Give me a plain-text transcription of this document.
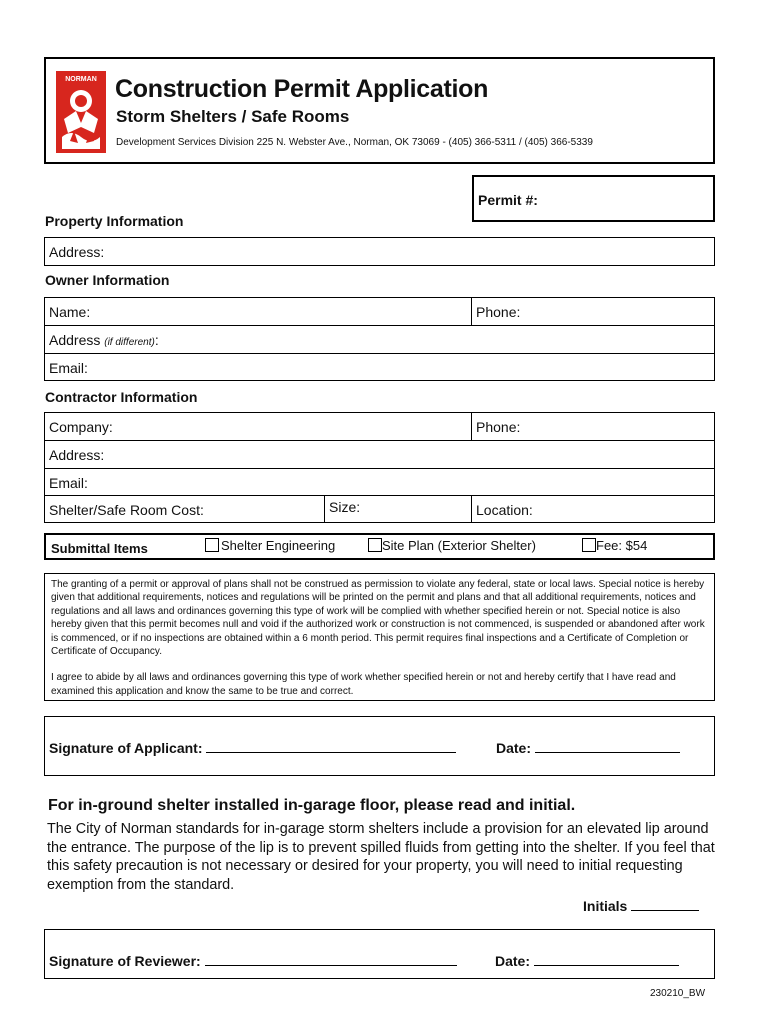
NORMAN Construction Permit Application
Storm Shelters / Safe Rooms
Development Services Division 225 N. Webster Ave., Norman, OK 73069 - (405) 366-5311 / (405) 366-5339
Permit #:
Property Information
Address:
Owner Information
Name:	Phone:
Address (if different):
Email:
Contractor Information
Company:	Phone:
Address:
Email:
Shelter/Safe Room Cost:	Size:	Location:
Submittal Items	Shelter Engineering	Site Plan (Exterior Shelter)	Fee: $54
The granting of a permit or approval of plans shall not be construed as permission to violate any federal, state or local laws. Special notice is hereby given that additional requirements, notices and regulations will be printed on the permit and plans and that all additional requirements, notices and regulations and all laws and ordinances governing this type of work will be complied with whether specified herein or not. Special notice is also hereby given that this permit becomes null and void if the authorized work or construction is not commenced, is suspended or abandoned after work is commenced, or if no inspections are obtained within a 6 month period. This permit requires final inspections and a Certificate of Completion or Certificate of Occupancy.
I agree to abide by all laws and ordinances governing this type of work whether specified herein or not and hereby certify that I have read and examined this application and know the same to be true and correct.
Signature of Applicant:	Date:
For in-ground shelter installed in-garage floor, please read and initial.
The City of Norman standards for in-garage storm shelters include a provision for an elevated lip around the entrance. The purpose of the lip is to prevent spilled fluids from getting into the shelter. If you feel that this safety precaution is not necessary or desired for your property, you will need to initial requesting exemption from the standard.
Initials
Signature of Reviewer:	Date:
230210_BW
